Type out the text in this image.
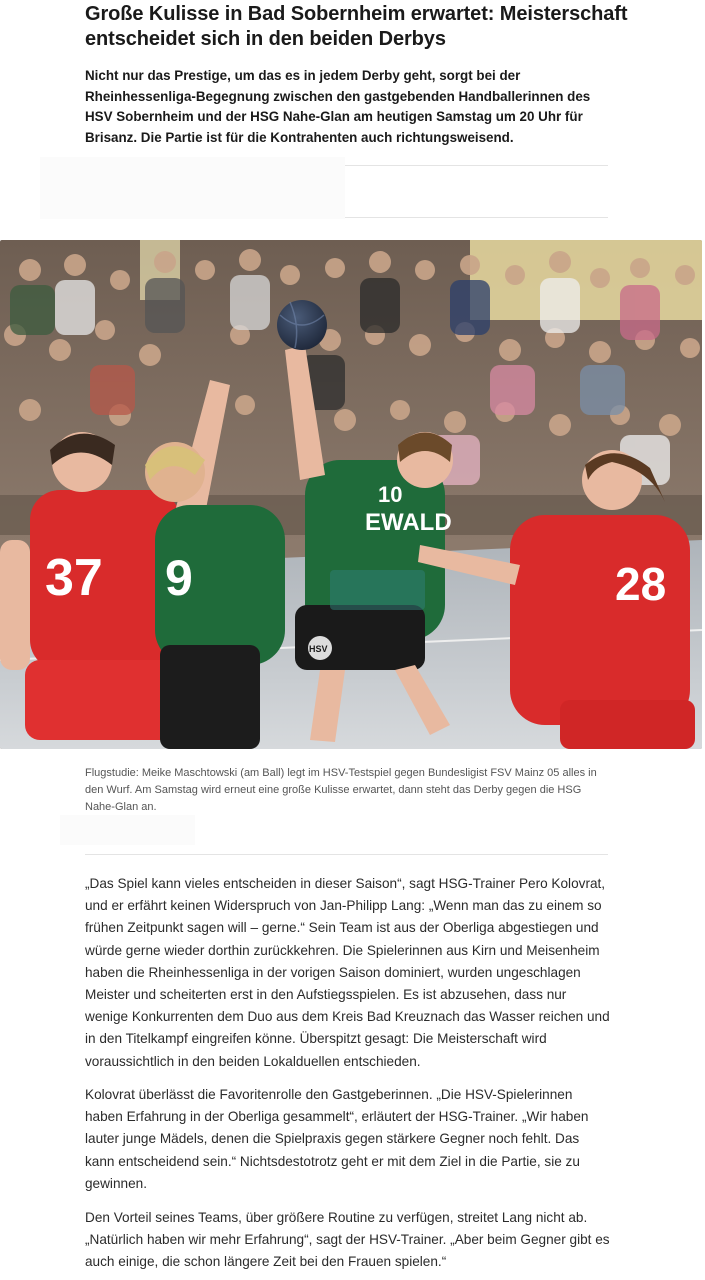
Große Kulisse in Bad Sobernheim erwartet: Meisterschaft entscheidet sich in den beiden Derbys

Nicht nur das Prestige, um das es in jedem Derby geht, sorgt bei der Rheinhessenliga-Begegnung zwischen den gastgebenden Handballerinnen des HSV Sobernheim und der HSG Nahe-Glan am heutigen Samstag um 20 Uhr für Brisanz. Die Partie ist für die Kontrahenten auch richtungsweisend.

37 9
10
28
EWALD
HSV

Flugstudie: Meike Maschtowski (am Ball) legt im HSV-Testspiel gegen Bundesligist FSV Mainz 05 alles in den Wurf. Am Samstag wird erneut eine große Kulisse erwartet, dann steht das Derby gegen die HSG Nahe-Glan an.

„Das Spiel kann vieles entscheiden in dieser Saison“, sagt HSG-Trainer Pero Kolovrat, und er erfährt keinen Widerspruch von Jan-Philipp Lang: „Wenn man das zu einem so frühen Zeitpunkt sagen will – gerne.“ Sein Team ist aus der Oberliga abgestiegen und würde gerne wieder dorthin zurückkehren. Die Spielerinnen aus Kirn und Meisenheim haben die Rheinhessenliga in der vorigen Saison dominiert, wurden ungeschlagen Meister und scheiterten erst in den Aufstiegsspielen. Es ist abzusehen, dass nur wenige Konkurrenten dem Duo aus dem Kreis Bad Kreuznach das Wasser reichen und in den Titelkampf eingreifen könne. Überspitzt gesagt: Die Meisterschaft wird voraussichtlich in den beiden Lokalduellen entschieden.

Kolovrat überlässt die Favoritenrolle den Gastgeberinnen. „Die HSV-Spielerinnen haben Erfahrung in der Oberliga gesammelt“, erläutert der HSG-Trainer. „Wir haben lauter junge Mädels, denen die Spielpraxis gegen stärkere Gegner noch fehlt. Das kann entscheidend sein.“ Nichtsdestotrotz geht er mit dem Ziel in die Partie, sie zu gewinnen.

Den Vorteil seines Teams, über größere Routine zu verfügen, streitet Lang nicht ab. „Natürlich haben wir mehr Erfahrung“, sagt der HSV-Trainer. „Aber beim Gegner gibt es auch einige, die schon längere Zeit bei den Frauen spielen.“
